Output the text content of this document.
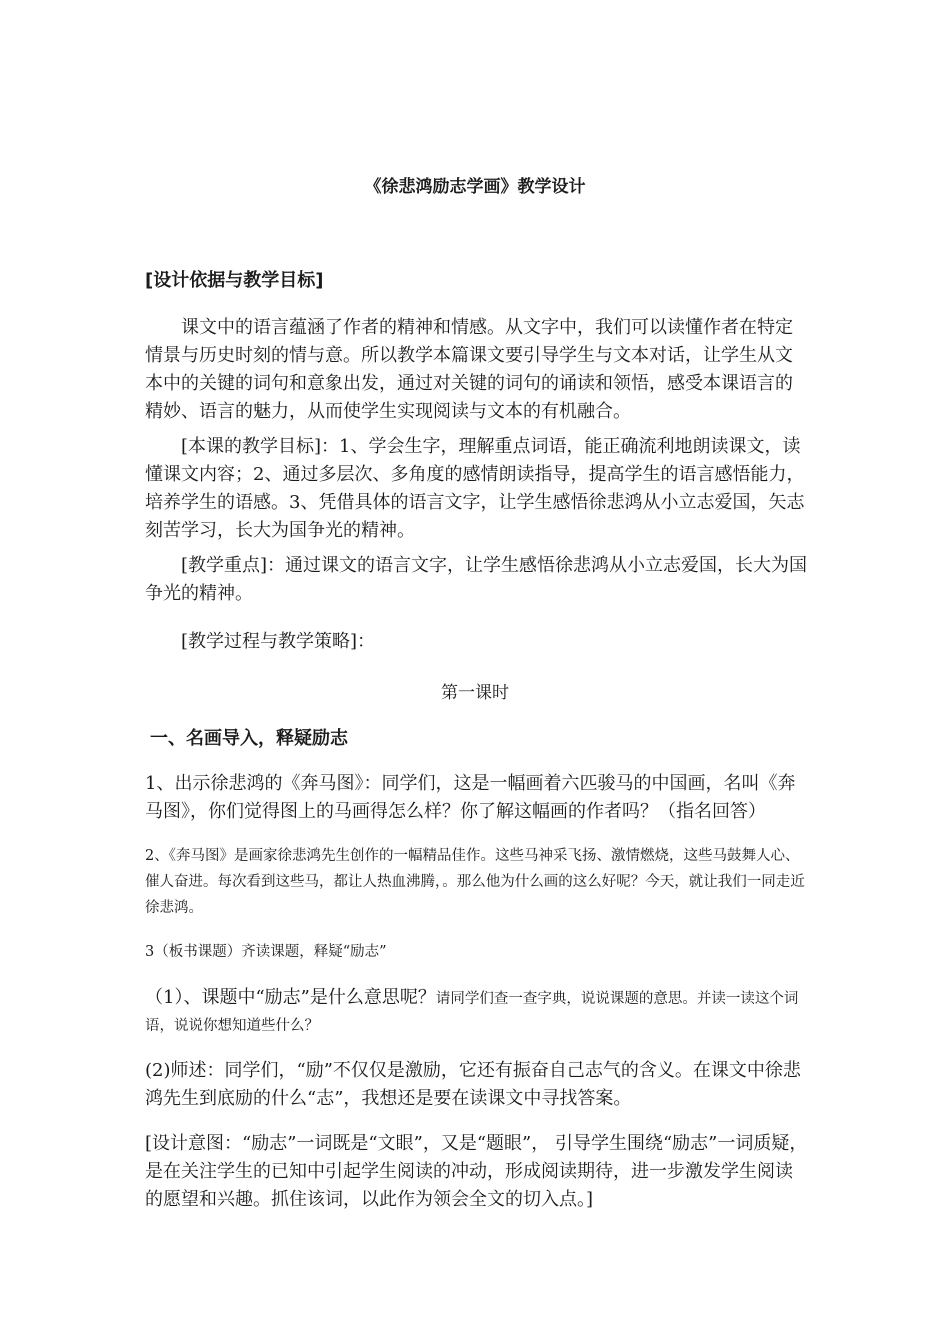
《徐悲鸿励志学画》教学设计
[设计依据与教学目标]

课文中的语言蕴涵了作者的精神和情感。从文字中，我们可以读懂作者在特定情景与历史时刻的情与意。所以教学本篇课文要引导学生与文本对话，让学生从文本中的关键的词句和意象出发，通过对关键的词句的诵读和领悟，感受本课语言的精妙、语言的魅力，从而使学生实现阅读与文本的有机融合。

[本课的教学目标]：1、学会生字，理解重点词语，能正确流利地朗读课文，读懂课文内容；2、通过多层次、多角度的感情朗读指导，提高学生的语言感悟能力，培养学生的语感。3、凭借具体的语言文字，让学生感悟徐悲鸿从小立志爱国，矢志刻苦学习，长大为国争光的精神。

[教学重点]：通过课文的语言文字，让学生感悟徐悲鸿从小立志爱国，长大为国争光的精神。

[教学过程与教学策略]：

第一课时
一、名画导入，释疑励志

1、出示徐悲鸿的《奔马图》：同学们，这是一幅画着六匹骏马的中国画，名叫《奔马图》，你们觉得图上的马画得怎么样？你了解这幅画的作者吗？（指名回答）

2、《奔马图》是画家徐悲鸿先生创作的一幅精品佳作。这些马神采飞扬、激情燃烧，这些马鼓舞人心、催人奋进。每次看到这些马，都让人热血沸腾，。那么他为什么画的这么好呢？今天，就让我们一同走近徐悲鸿。

3（板书课题）齐读课题，释疑“励志”

（1）、课题中“励志”是什么意思呢？请同学们查一查字典，说说课题的意思。并读一读这个词语，说说你想知道些什么？

(2)师述：同学们，“励”不仅仅是激励，它还有振奋自己志气的含义。在课文中徐悲鸿先生到底励的什么“志”，我想还是要在读课文中寻找答案。

[设计意图：“励志”一词既是“文眼”，又是“题眼”， 引导学生围绕“励志”一词质疑，是在关注学生的已知中引起学生阅读的冲动，形成阅读期待，进一步激发学生阅读的愿望和兴趣。抓住该词，以此作为领会全文的切入点。]
